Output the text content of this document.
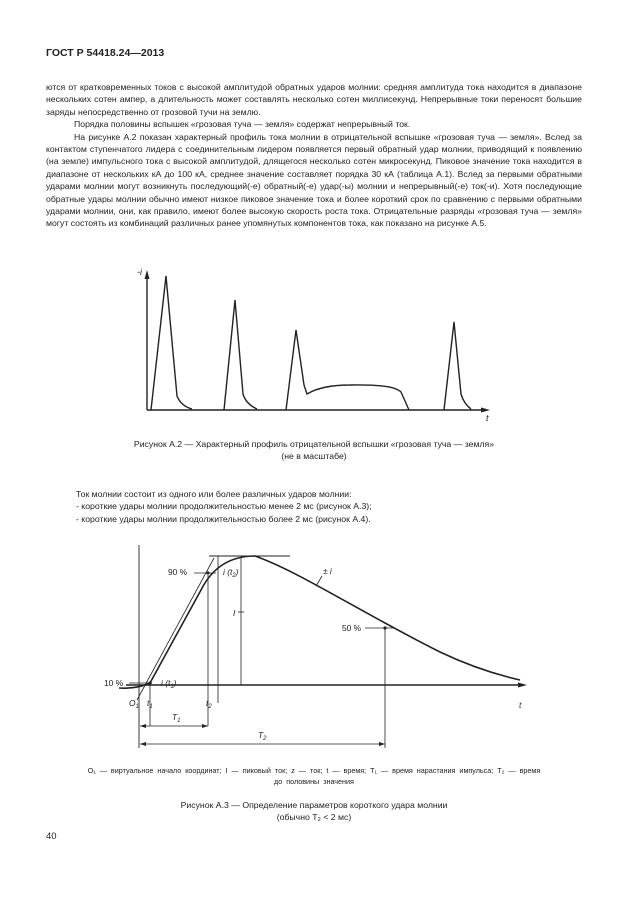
ГОСТ Р 54418.24—2013

ются от кратковременных токов с высокой амплитудой обратных ударов молнии: средняя амплитуда тока находится в диапазоне нескольких сотен ампер, а длительность может составлять несколько сотен миллисекунд. Непрерывные токи переносят большие заряды непосредственно от грозовой тучи на землю.

Порядка половины вспышек «грозовая туча — земля» содержат непрерывный ток.

На рисунке А.2 показан характерный профиль тока молнии в отрицательной вспышке «грозовая туча — земля». Вслед за контактом ступенчатого лидера с соединительным лидером появляется первый обратный удар молнии, приводящий к появлению (на земле) импульсного тока с высокой амплитудой, длящегося несколько сотен микросекунд. Пиковое значение тока находится в диапазоне от нескольких кА до 100 кА, среднее значение составляет порядка 30 кА (таблица А.1). Вслед за первыми обратными ударами молнии могут возникнуть последующий(-е) обратный(-е) удар(-ы) молнии и непрерывный(-е) ток(-и). Хотя последующие обратные удары молнии обычно имеют низкое пиковое значение тока и более короткий срок по сравнению с первыми обратными ударами молнии, они, как правило, имеют более высокую скорость роста тока. Отрицательные разряды «грозовая туча — земля» могут состоять из комбинаций различных ранее упомянутых компонентов тока, как показано на рисунке А.5.

-i
t
Рисунок А.2 — Характерный профиль отрицательной вспышки «грозовая туча — земля»
(не в масштабе)
Ток молнии состоит из одного или более различных ударов молнии:
- короткие удары молнии продолжительностью менее 2 мс (рисунок А.3);
- короткие удары молнии продолжительностью более 2 мс (рисунок А.4).
90 %
50 %
10 %
i $(t_2)$
i $(t_1)$
± i
I
$O_1$ $t_1$	$t_2$	t
$T_1$
$T_2$
O₁ — виртуальное начало координат; I — пиковый ток; z — ток; t — время; T₁ — время нарастания импульса; T₂ — время
до половины значения
Рисунок А.3 — Определение параметров короткого удара молнии
(обычно T₂ < 2 мс)
40
